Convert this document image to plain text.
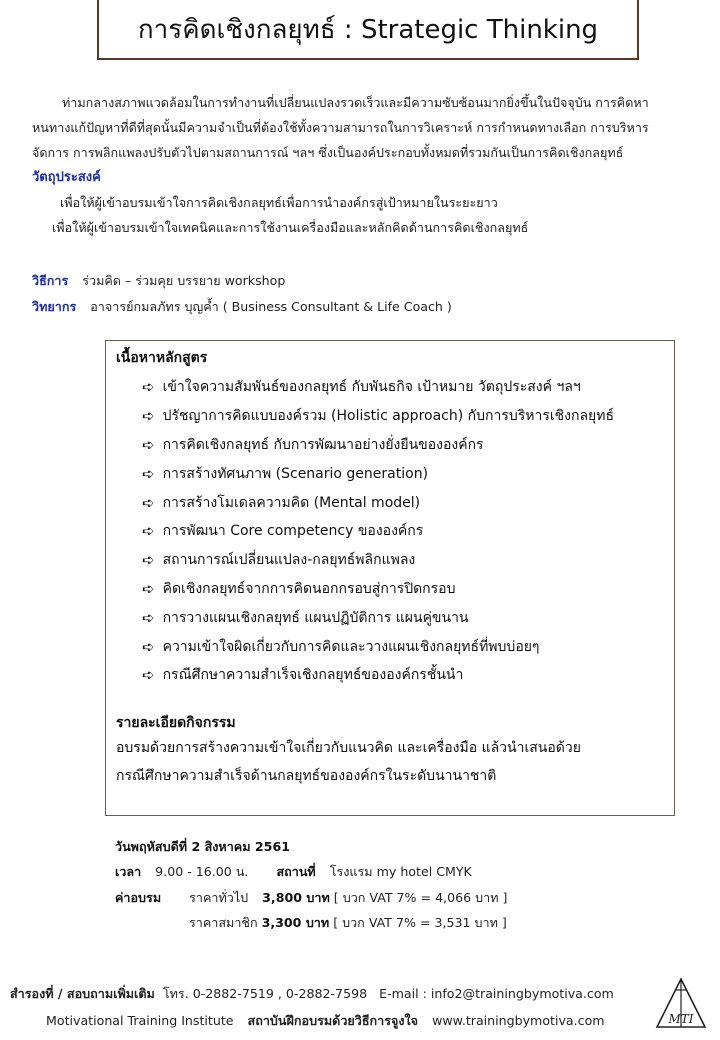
การคิดเชิงกลยุทธ์ : Strategic Thinking

ท่ามกลางสภาพแวดล้อมในการทำงานที่เปลี่ยนแปลงรวดเร็วและมีความซับซ้อนมากยิ่งขึ้นในปัจจุบัน การคิดหา
หนทางแก้ปัญหาที่ดีที่สุดนั้นมีความจำเป็นที่ต้องใช้ทั้งความสามารถในการวิเคราะห์ การกำหนดทางเลือก การบริหาร
จัดการ การพลิกแพลงปรับตัวไปตามสถานการณ์ ฯลฯ ซึ่งเป็นองค์ประกอบทั้งหมดที่รวมกันเป็นการคิดเชิงกลยุทธ์

วัตถุประสงค์
เพื่อให้ผู้เข้าอบรมเข้าใจการคิดเชิงกลยุทธ์เพื่อการนำองค์กรสู่เป้าหมายในระยะยาว
เพื่อให้ผู้เข้าอบรมเข้าใจเทคนิคและการใช้งานเครื่องมือและหลักคิดด้านการคิดเชิงกลยุทธ์
วิธีการ ร่วมคิด – ร่วมคุย บรรยาย workshop
วิทยากร อาจารย์กมลภัทร บุญค้ำ ( Business Consultant & Life Coach )
เนื้อหาหลักสูตร
➪ เข้าใจความสัมพันธ์ของกลยุทธ์ กับพันธกิจ เป้าหมาย วัตถุประสงค์ ฯลฯ
➪ ปรัชญาการคิดแบบองค์รวม (Holistic approach) กับการบริหารเชิงกลยุทธ์
➪ การคิดเชิงกลยุทธ์ กับการพัฒนาอย่างยั่งยืนขององค์กร
➪ การสร้างทัศนภาพ (Scenario generation)
➪ การสร้างโมเดลความคิด (Mental model)
➪ การพัฒนา Core competency ขององค์กร
➪ สถานการณ์เปลี่ยนแปลง-กลยุทธ์พลิกแพลง
➪ คิดเชิงกลยุทธ์จากการคิดนอกกรอบสู่การปิดกรอบ
➪ การวางแผนเชิงกลยุทธ์ แผนปฏิบัติการ แผนคู่ขนาน
➪ ความเข้าใจผิดเกี่ยวกับการคิดและวางแผนเชิงกลยุทธ์ที่พบบ่อยๆ
➪ กรณีศึกษาความสำเร็จเชิงกลยุทธ์ขององค์กรชั้นนำ
รายละเอียดกิจกรรม
อบรมด้วยการสร้างความเข้าใจเกี่ยวกับแนวคิด และเครื่องมือ แล้วนำเสนอด้วย
กรณีศึกษาความสำเร็จด้านกลยุทธ์ขององค์กรในระดับนานาชาติ
วันพฤหัสบดีที่ 2 สิงหาคม 2561
เวลา 9.00 - 16.00 น. สถานที่ โรงแรม my hotel CMYK
ค่าอบรม ราคาทั่วไป 3,800 บาท
[ บวก VAT 7% = 4,066 บาท ]
ราคาสมาชิก
3,300 บาท
[ บวก VAT 7% = 3,531 บาท ]
สำรองที่ / สอบถามเพิ่มเติม โทร. 0-2882-7519 , 0-2882-7598 E-mail : info2@trainingbymotiva.com
Motivational Training Institute สถาบันฝึกอบรมด้วยวิธีการจูงใจ www.trainingbymotiva.com	MTI
